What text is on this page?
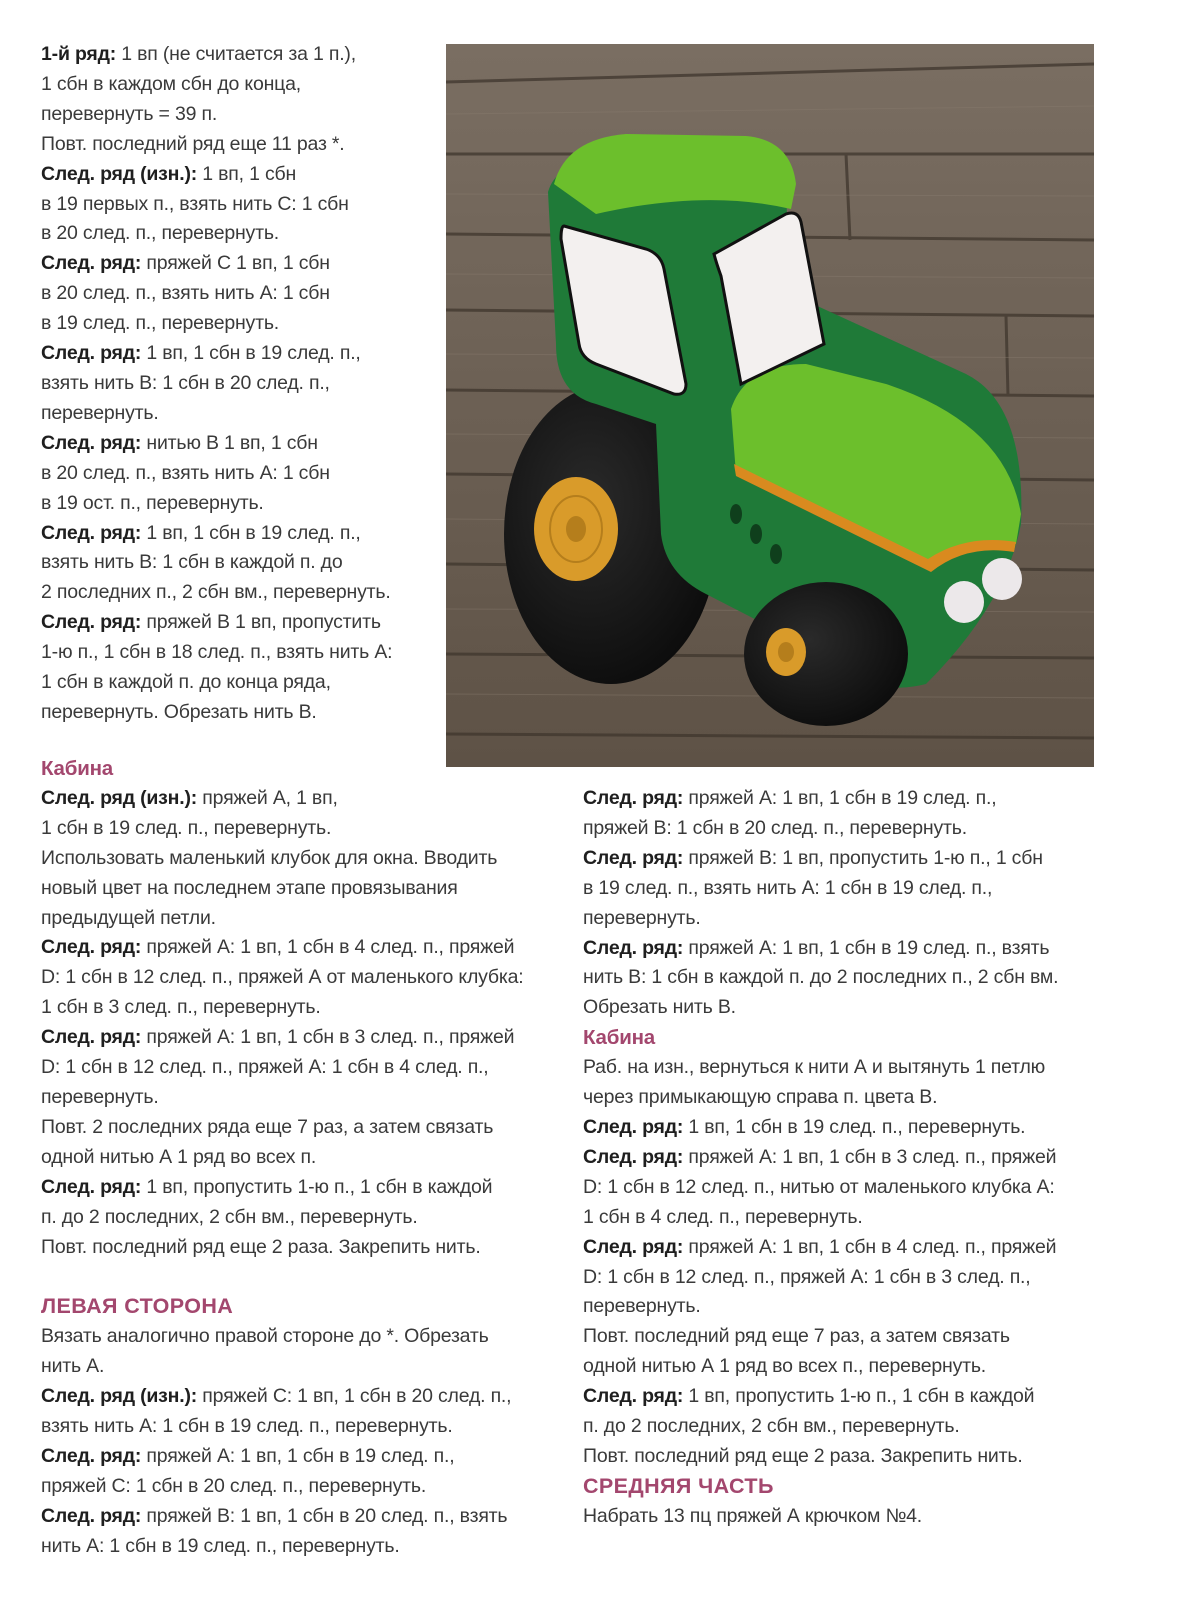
1-й ряд: 1 вп (не считается за 1 п.),

1 сбн в каждом сбн до конца,

перевернуть = 39 п.

Повт. последний ряд еще 11 раз *.

След. ряд (изн.): 1 вп, 1 сбн

в 19 первых п., взять нить С: 1 сбн

в 20 след. п., перевернуть.

След. ряд: пряжей С 1 вп, 1 сбн

в 20 след. п., взять нить А: 1 сбн

в 19 след. п., перевернуть.

След. ряд: 1 вп, 1 сбн в 19 след. п.,

взять нить В: 1 сбн в 20 след. п.,

перевернуть.

След. ряд: нитью В 1 вп, 1 сбн

в 20 след. п., взять нить А: 1 сбн

в 19 ост. п., перевернуть.

След. ряд: 1 вп, 1 сбн в 19 след. п.,

взять нить В: 1 сбн в каждой п. до

2 последних п., 2 сбн вм., перевернуть.

След. ряд: пряжей В 1 вп, пропустить

1-ю п., 1 сбн в 18 след. п., взять нить А:

1 сбн в каждой п. до конца ряда,

перевернуть. Обрезать нить В.

Кабина

След. ряд (изн.): пряжей А, 1 вп,

1 сбн в 19 след. п., перевернуть.

Использовать маленький клубок для окна. Вводить

новый цвет на последнем этапе провязывания

предыдущей петли.

След. ряд: пряжей А: 1 вп, 1 сбн в 4 след. п., пряжей

D: 1 сбн в 12 след. п., пряжей А от маленького клубка:

1 сбн в 3 след. п., перевернуть.

След. ряд: пряжей А: 1 вп, 1 сбн в 3 след. п., пряжей

D: 1 сбн в 12 след. п., пряжей А: 1 сбн в 4 след. п.,

перевернуть.

Повт. 2 последних ряда еще 7 раз, а затем связать

одной нитью А 1 ряд во всех п.

След. ряд: 1 вп, пропустить 1-ю п., 1 сбн в каждой

п. до 2 последних, 2 сбн вм., перевернуть.

Повт. последний ряд еще 2 раза. Закрепить нить.

ЛЕВАЯ СТОРОНА

Вязать аналогично правой стороне до *. Обрезать

нить А.

След. ряд (изн.): пряжей С: 1 вп, 1 сбн в 20 след. п.,

взять нить А: 1 сбн в 19 след. п., перевернуть.

След. ряд: пряжей А: 1 вп, 1 сбн в 19 след. п.,

пряжей С: 1 сбн в 20 след. п., перевернуть.

След. ряд: пряжей В: 1 вп, 1 сбн в 20 след. п., взять

нить А: 1 сбн в 19 след. п., перевернуть.

След. ряд: пряжей А: 1 вп, 1 сбн в 19 след. п.,

пряжей В: 1 сбн в 20 след. п., перевернуть.

След. ряд: пряжей В: 1 вп, пропустить 1-ю п., 1 сбн

в 19 след. п., взять нить А: 1 сбн в 19 след. п.,

перевернуть.

След. ряд: пряжей А: 1 вп, 1 сбн в 19 след. п., взять

нить В: 1 сбн в каждой п. до 2 последних п., 2 сбн вм.

Обрезать нить В.

Кабина

Раб. на изн., вернуться к нити А и вытянуть 1 петлю

через примыкающую справа п. цвета В.

След. ряд: 1 вп, 1 сбн в 19 след. п., перевернуть.

След. ряд: пряжей А: 1 вп, 1 сбн в 3 след. п., пряжей

D: 1 сбн в 12 след. п., нитью от маленького клубка А:

1 сбн в 4 след. п., перевернуть.

След. ряд: пряжей А: 1 вп, 1 сбн в 4 след. п., пряжей

D: 1 сбн в 12 след. п., пряжей А: 1 сбн в 3 след. п.,

перевернуть.

Повт. последний ряд еще 7 раз, а затем связать

одной нитью А 1 ряд во всех п., перевернуть.

След. ряд: 1 вп, пропустить 1-ю п., 1 сбн в каждой

п. до 2 последних, 2 сбн вм., перевернуть.

Повт. последний ряд еще 2 раза. Закрепить нить.

СРЕДНЯЯ ЧАСТЬ

Набрать 13 пц пряжей А крючком №4.
